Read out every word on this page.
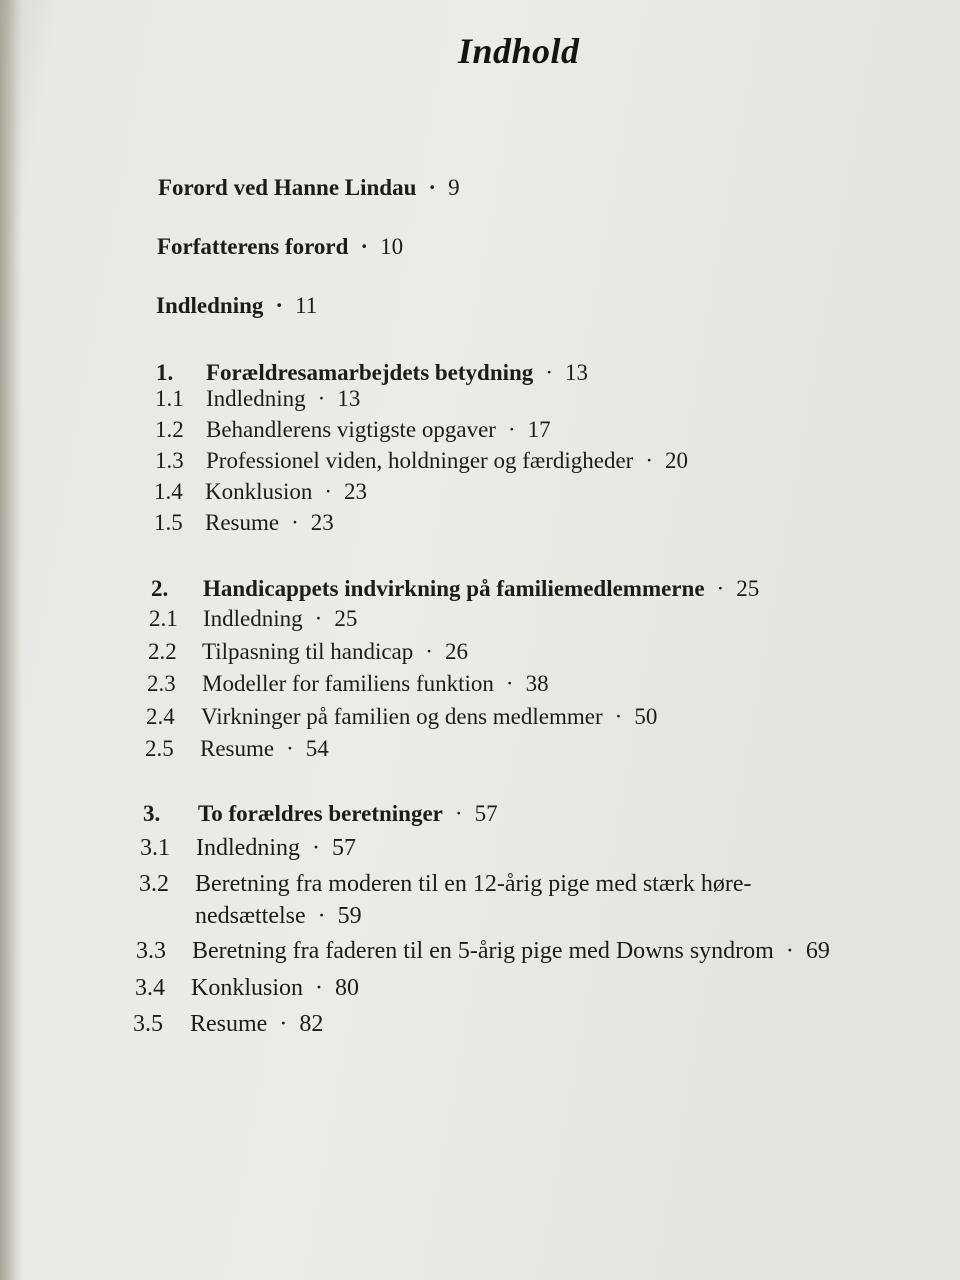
Indhold
Forord ved Hanne Lindau · 9
Forfatterens forord · 10
Indledning · 11
1. Forældresamarbejdets betydning · 13
1.1 Indledning · 13
1.2 Behandlerens vigtigste opgaver · 17
1.3 Professionel viden, holdninger og færdigheder · 20
1.4 Konklusion · 23
1.5 Resume · 23
2. Handicappets indvirkning på familiemedlemmerne · 25
2.1 Indledning · 25
2.2 Tilpasning til handicap · 26
2.3 Modeller for familiens funktion · 38
2.4 Virkninger på familien og dens medlemmer · 50
2.5 Resume · 54
3. To forældres beretninger · 57
3.1 Indledning · 57
3.2 Beretning fra moderen til en 12-årig pige med stærk høre-
nedsættelse · 59
3.3 Beretning fra faderen til en 5-årig pige med Downs syndrom · 69
3.4 Konklusion · 80
3.5 Resume · 82
